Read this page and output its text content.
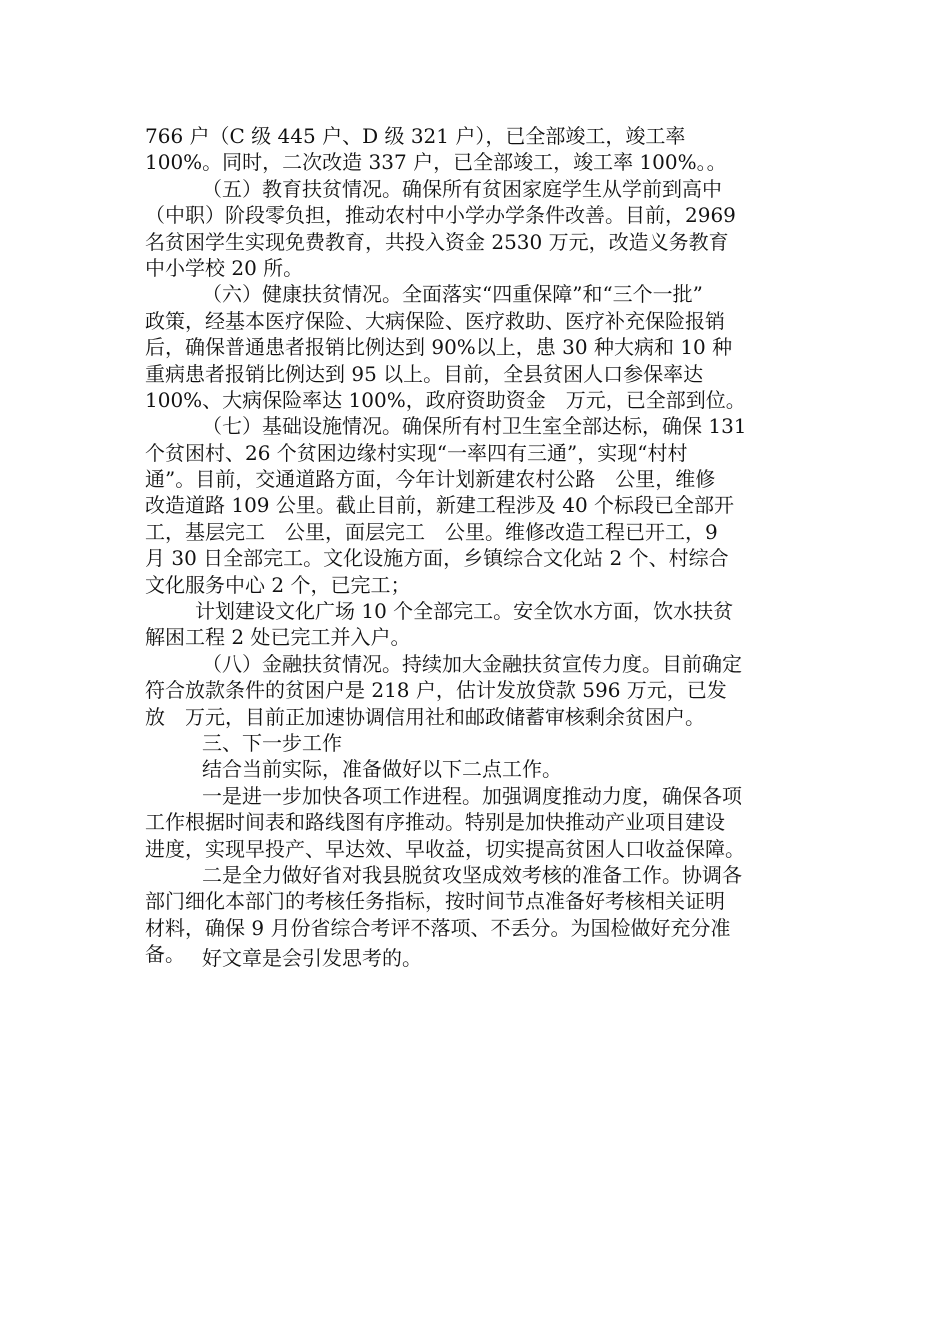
766 户（C 级 445 户、D 级 321 户），已全部竣工，竣工率
100%。同时，二次改造 337 户，已全部竣工，竣工率 100%。。
（五）教育扶贫情况。确保所有贫困家庭学生从学前到高中
（中职）阶段零负担，推动农村中小学办学条件改善。目前，2969
名贫困学生实现免费教育，共投入资金 2530 万元，改造义务教育
中小学校 20 所。
（六）健康扶贫情况。全面落实“四重保障”和“三个一批”
政策，经基本医疗保险、大病保险、医疗救助、医疗补充保险报销
后，确保普通患者报销比例达到 90%以上，患 30 种大病和 10 种
重病患者报销比例达到 95 以上。目前，全县贫困人口参保率达
100%、大病保险率达 100%，政府资助资金　万元，已全部到位。
（七）基础设施情况。确保所有村卫生室全部达标，确保 131
个贫困村、26 个贫困边缘村实现“一率四有三通”，实现“村村
通”。目前，交通道路方面，今年计划新建农村公路　公里，维修
改造道路 109 公里。截止目前，新建工程涉及 40 个标段已全部开
工，基层完工　公里，面层完工　公里。维修改造工程已开工，9
月 30 日全部完工。文化设施方面，乡镇综合文化站 2 个、村综合
文化服务中心 2 个，已完工；
计划建设文化广场 10 个全部完工。安全饮水方面，饮水扶贫
解困工程 2 处已完工并入户。
（八）金融扶贫情况。持续加大金融扶贫宣传力度。目前确定
符合放款条件的贫困户是 218 户，估计发放贷款 596 万元，已发
放　万元，目前正加速协调信用社和邮政储蓄审核剩余贫困户。
三、下一步工作
结合当前实际，准备做好以下二点工作。
一是进一步加快各项工作进程。加强调度推动力度，确保各项
工作根据时间表和路线图有序推动。特别是加快推动产业项目建设
进度，实现早投产、早达效、早收益，切实提高贫困人口收益保障。
二是全力做好省对我县脱贫攻坚成效考核的准备工作。协调各
部门细化本部门的考核任务指标，按时间节点准备好考核相关证明
材料，确保 9 月份省综合考评不落项、不丢分。为国检做好充分准
备。 好文章是会引发思考的。
